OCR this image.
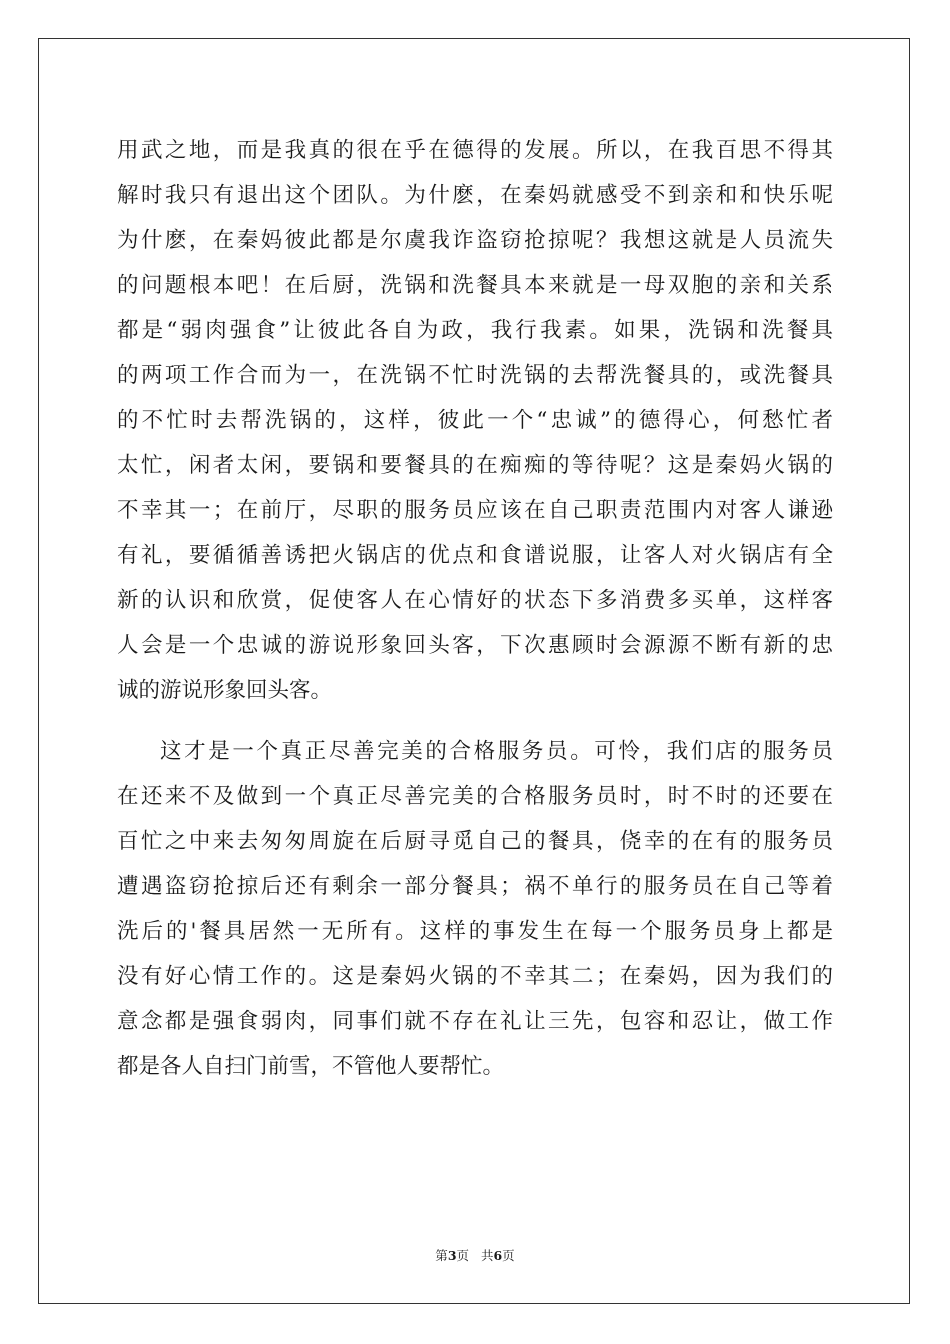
用武之地，而是我真的很在乎在德得的发展。所以，在我百思不得其
解时我只有退出这个团队。为什麽，在秦妈就感受不到亲和和快乐呢
为什麽，在秦妈彼此都是尔虞我诈盗窃抢掠呢？我想这就是人员流失
的问题根本吧！在后厨，洗锅和洗餐具本来就是一母双胞的亲和关系
都是“弱肉强食”让彼此各自为政，我行我素。如果，洗锅和洗餐具
的两项工作合而为一，在洗锅不忙时洗锅的去帮洗餐具的，或洗餐具
的不忙时去帮洗锅的，这样，彼此一个“忠诚”的德得心，何愁忙者
太忙，闲者太闲，要锅和要餐具的在痴痴的等待呢？这是秦妈火锅的
不幸其一；在前厅，尽职的服务员应该在自己职责范围内对客人谦逊
有礼，要循循善诱把火锅店的优点和食谱说服，让客人对火锅店有全
新的认识和欣赏，促使客人在心情好的状态下多消费多买单，这样客
人会是一个忠诚的游说形象回头客，下次惠顾时会源源不断有新的忠
诚的游说形象回头客。
这才是一个真正尽善完美的合格服务员。可怜，我们店的服务员
在还来不及做到一个真正尽善完美的合格服务员时，时不时的还要在
百忙之中来去匆匆周旋在后厨寻觅自己的餐具，侥幸的在有的服务员
遭遇盗窃抢掠后还有剩余一部分餐具；祸不单行的服务员在自己等着
洗后的'餐具居然一无所有。这样的事发生在每一个服务员身上都是
没有好心情工作的。这是秦妈火锅的不幸其二；在秦妈，因为我们的
意念都是强食弱肉，同事们就不存在礼让三先，包容和忍让，做工作
都是各人自扫门前雪，不管他人要帮忙。
第3页 共6页
